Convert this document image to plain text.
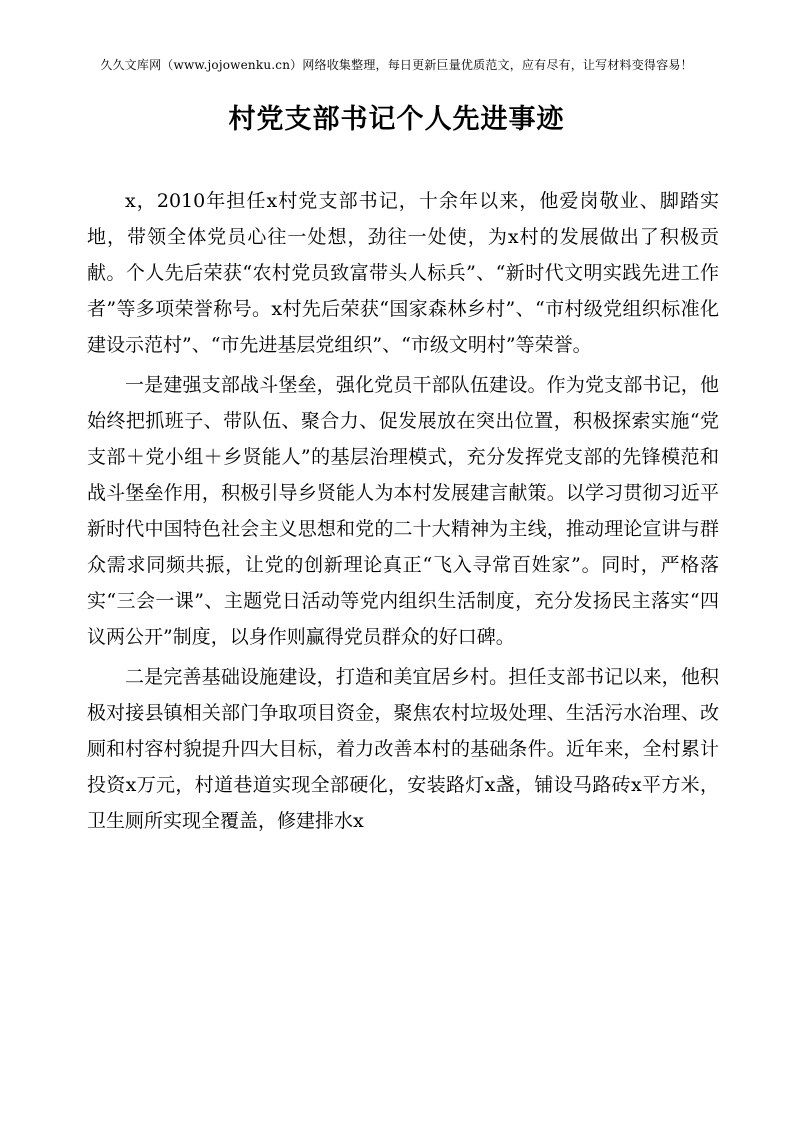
久久文库网（www.jojowenku.cn）网络收集整理，每日更新巨量优质范文，应有尽有，让写材料变得容易！
村党支部书记个人先进事迹

x，2010年担任x村党支部书记，十余年以来，他爱岗敬业、脚踏实地，带领全体党员心往一处想，劲往一处使，为x村的发展做出了积极贡献。个人先后荣获“农村党员致富带头人标兵”、“新时代文明实践先进工作者”等多项荣誉称号。x村先后荣获“国家森林乡村”、“市村级党组织标准化建设示范村”、“市先进基层党组织”、“市级文明村”等荣誉。

一是建强支部战斗堡垒，强化党员干部队伍建设。作为党支部书记，他始终把抓班子、带队伍、聚合力、促发展放在突出位置，积极探索实施“党支部＋党小组＋乡贤能人”的基层治理模式，充分发挥党支部的先锋模范和战斗堡垒作用，积极引导乡贤能人为本村发展建言献策。以学习贯彻习近平新时代中国特色社会主义思想和党的二十大精神为主线，推动理论宣讲与群众需求同频共振，让党的创新理论真正“飞入寻常百姓家”。同时，严格落实“三会一课”、主题党日活动等党内组织生活制度，充分发扬民主落实“四议两公开”制度，以身作则赢得党员群众的好口碑。

二是完善基础设施建设，打造和美宜居乡村。担任支部书记以来，他积极对接县镇相关部门争取项目资金，聚焦农村垃圾处理、生活污水治理、改厕和村容村貌提升四大目标，着力改善本村的基础条件。近年来，全村累计投资x万元，村道巷道实现全部硬化，安装路灯x盏，铺设马路砖x平方米，卫生厕所实现全覆盖，修建排水x
